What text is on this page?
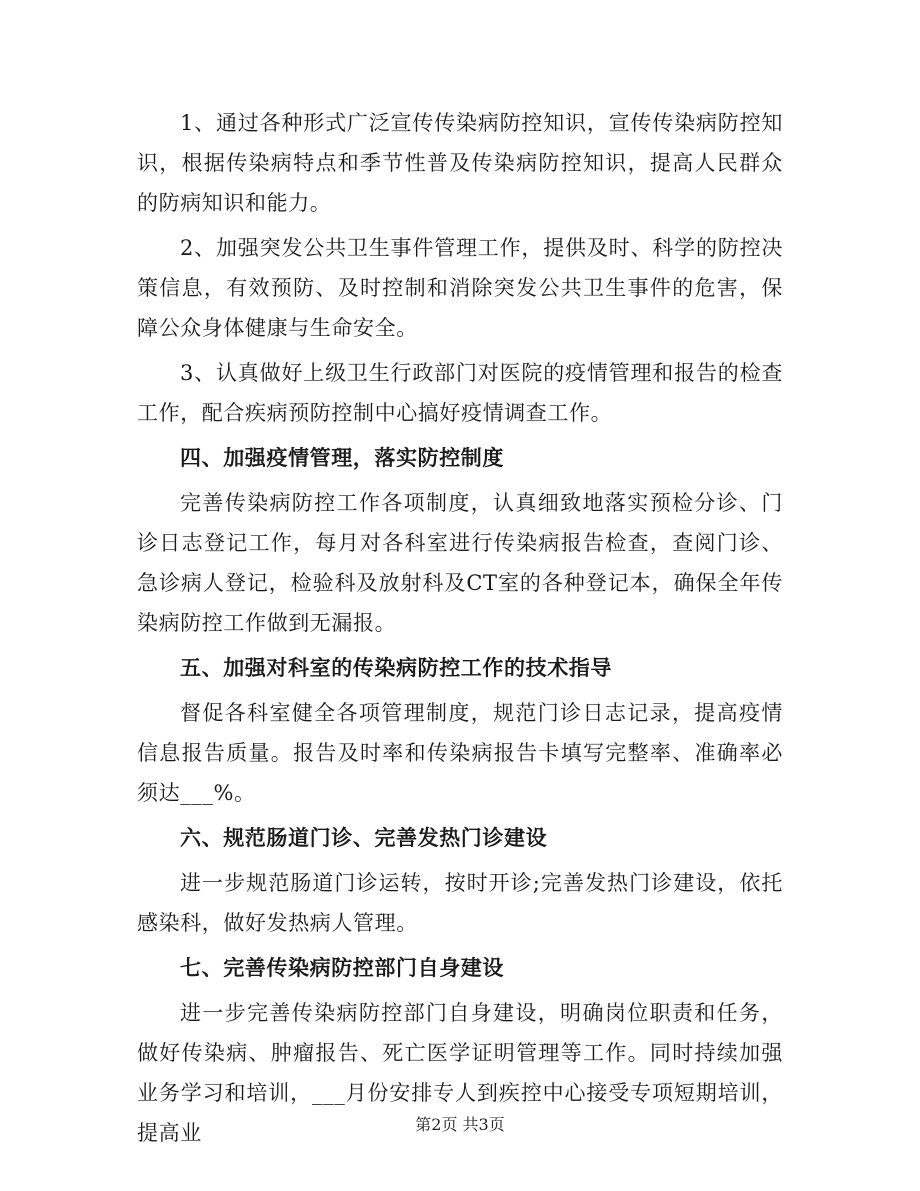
1、通过各种形式广泛宣传传染病防控知识，宣传传染病防控知识，根据传染病特点和季节性普及传染病防控知识，提高人民群众的防病知识和能力。

2、加强突发公共卫生事件管理工作，提供及时、科学的防控决策信息，有效预防、及时控制和消除突发公共卫生事件的危害，保障公众身体健康与生命安全。

3、认真做好上级卫生行政部门对医院的疫情管理和报告的检查工作，配合疾病预防控制中心搞好疫情调查工作。

四、加强疫情管理，落实防控制度

完善传染病防控工作各项制度，认真细致地落实预检分诊、门诊日志登记工作，每月对各科室进行传染病报告检查，查阅门诊、急诊病人登记，检验科及放射科及CT室的各种登记本，确保全年传染病防控工作做到无漏报。

五、加强对科室的传染病防控工作的技术指导

督促各科室健全各项管理制度，规范门诊日志记录，提高疫情信息报告质量。报告及时率和传染病报告卡填写完整率、准确率必须达___%。

六、规范肠道门诊、完善发热门诊建设

进一步规范肠道门诊运转，按时开诊;完善发热门诊建设，依托感染科，做好发热病人管理。

七、完善传染病防控部门自身建设

进一步完善传染病防控部门自身建设，明确岗位职责和任务，做好传染病、肿瘤报告、死亡医学证明管理等工作。同时持续加强业务学习和培训，___月份安排专人到疾控中心接受专项短期培训，提高业	第2页 共3页
